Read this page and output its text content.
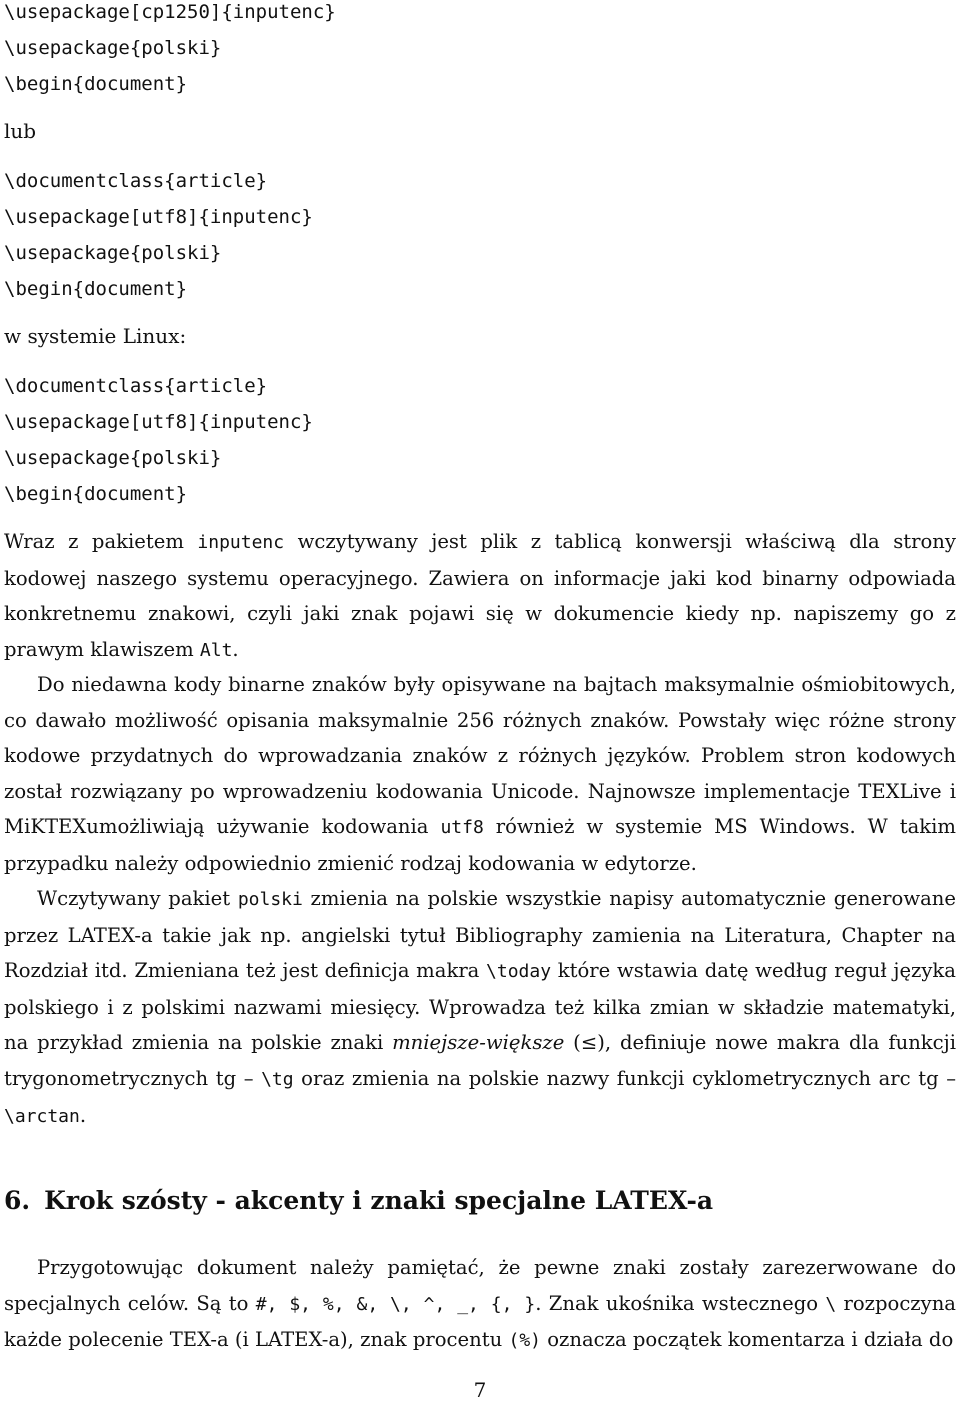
\usepackage[cp1250]{inputenc}
\usepackage{polski}
\begin{document}

lub

\documentclass{article}
\usepackage[utf8]{inputenc}
\usepackage{polski}
\begin{document}

w systemie Linux:

\documentclass{article}
\usepackage[utf8]{inputenc}
\usepackage{polski}
\begin{document}

Wraz z pakietem inputenc wczytywany jest plik z tablicą konwersji właściwą dla strony kodowej naszego systemu operacyjnego. Zawiera on informacje jaki kod binarny odpowiada konkretnemu znakowi, czyli jaki znak pojawi się w dokumencie kiedy np. napiszemy go z prawym klawiszem Alt.

Do niedawna kody binarne znaków były opisywane na bajtach maksymalnie ośmiobitowych, co dawało możliwość opisania maksymalnie 256 różnych znaków. Powstały więc różne strony kodowe przydatnych do wprowadzania znaków z różnych języków. Problem stron kodowych został rozwiązany po wprowadzeniu kodowania Unicode. Najnowsze implementacje TEXLive i MiKTEXumożliwiają używanie kodowania utf8 również w systemie MS Windows. W takim przypadku należy odpowiednio zmienić rodzaj kodowania w edytorze.

Wczytywany pakiet polski zmienia na polskie wszystkie napisy automatycznie generowane przez LATEX-a takie jak np. angielski tytuł Bibliography zamienia na Literatura, Chapter na Rozdział itd. Zmieniana też jest definicja makra \today które wstawia datę według reguł języka polskiego i z polskimi nazwami miesięcy. Wprowadza też kilka zmian w składzie matematyki, na przykład zmienia na polskie znaki mniejsze-większe (≤), definiuje nowe makra dla funkcji trygonometrycznych tg – \tg oraz zmienia na polskie nazwy funkcji cyklometrycznych arc tg – \arctan.

6. Krok szósty - akcenty i znaki specjalne LATEX-a

Przygotowując dokument należy pamiętać, że pewne znaki zostały zarezerwowane do specjalnych celów. Są to #, $, %, &, \, ^, _, {, }. Znak ukośnika wstecznego \ rozpoczyna każde polecenie TEX-a (i LATEX-a), znak procentu (%) oznacza początek komentarza i działa do

7
